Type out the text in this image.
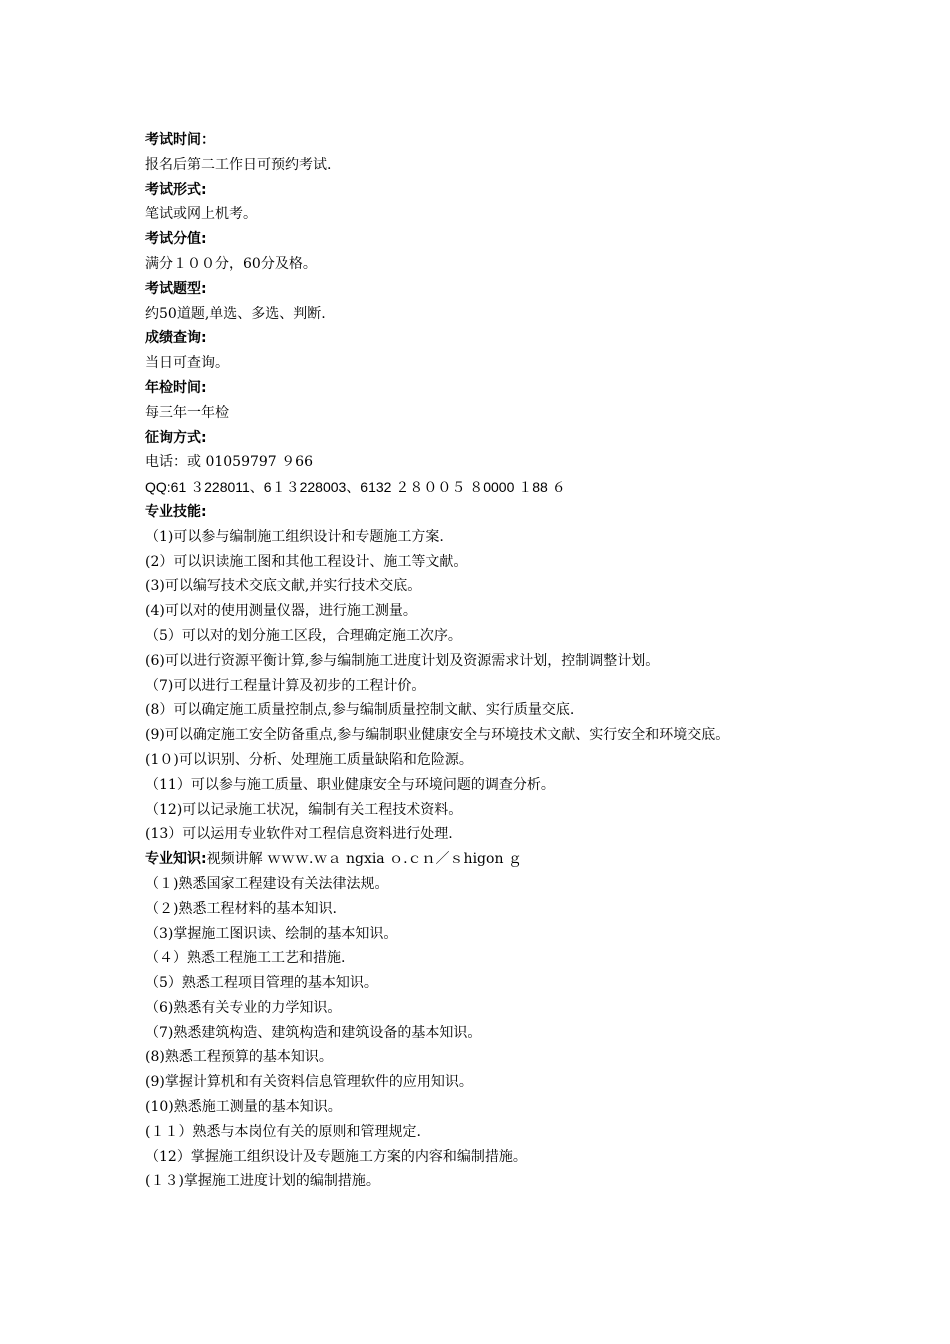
考试时间：
报名后第二工作日可预约考试.
考试形式:
笔试或网上机考。
考试分值:
满分１００分，60分及格。
考试题型:
约50道题,单选、多选、判断.
成绩查询:
当日可查询。
年检时间:
每三年一年检
征询方式:
电话：或 01059797 ９66
QQ:61 ３228011、6１３228003、6132 ２８００５ ８0000 １88 ６
专业技能:
（1)可以参与编制施工组织设计和专题施工方案.
(2）可以识读施工图和其他工程设计、施工等文献。
(3)可以编写技术交底文献,并实行技术交底。
(4)可以对的使用测量仪器，进行施工测量。
（5）可以对的划分施工区段，合理确定施工次序。
(6)可以进行资源平衡计算,参与编制施工进度计划及资源需求计划，控制调整计划。
（7)可以进行工程量计算及初步的工程计价。
(8）可以确定施工质量控制点,参与编制质量控制文献、实行质量交底.
(9)可以确定施工安全防备重点,参与编制职业健康安全与环境技术文献、实行安全和环境交底。
(1０)可以识别、分析、处理施工质量缺陷和危险源。
（11）可以参与施工质量、职业健康安全与环境问题的调查分析。
（12)可以记录施工状况，编制有关工程技术资料。
(13）可以运用专业软件对工程信息资料进行处理.
专业知识:视频讲解 ｗｗｗ.ｗａ ngxia ｏ.ｃｎ／ｓhigon ｇ
（１)熟悉国家工程建设有关法律法规。
（２)熟悉工程材料的基本知识.
（3)掌握施工图识读、绘制的基本知识。
（４）熟悉工程施工工艺和措施.
（5）熟悉工程项目管理的基本知识。
（6)熟悉有关专业的力学知识。
（7)熟悉建筑构造、建筑构造和建筑设备的基本知识。
(8)熟悉工程预算的基本知识。
(9)掌握计算机和有关资料信息管理软件的应用知识。
(10)熟悉施工测量的基本知识。
(１１）熟悉与本岗位有关的原则和管理规定.
（12）掌握施工组织设计及专题施工方案的内容和编制措施。
(１３)掌握施工进度计划的编制措施。
